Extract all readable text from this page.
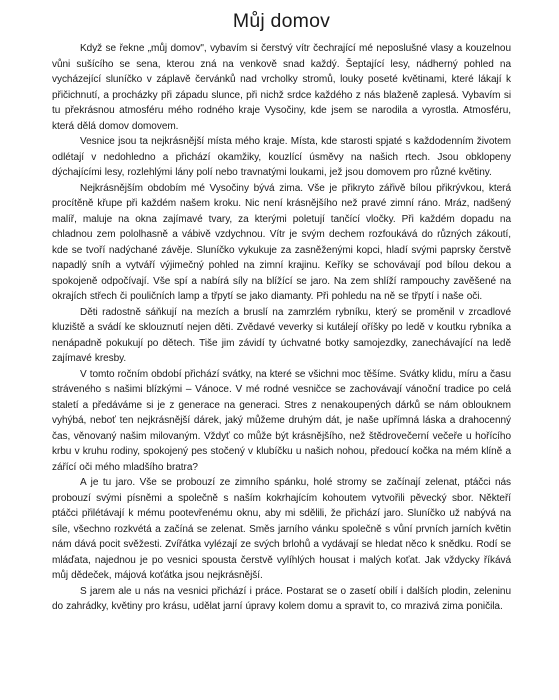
Můj domov

Když se řekne „můj domov", vybavím si čerstvý vítr čechrající mé neposlušné vlasy a kouzelnou vůni sušícího se sena, kterou zná na venkově snad každý. Šeptající lesy, nádherný pohled na vycházející sluníčko v záplavě červánků nad vrcholky stromů, louky poseté květinami, které lákají k přičichnutí, a procházky při západu slunce, při nichž srdce každého z nás blaženě zaplesá. Vybavím si tu překrásnou atmosféru mého rodného kraje Vysočiny, kde jsem se narodila a vyrostla. Atmosféru, která dělá domov domovem.

Vesnice jsou ta nejkrásnější místa mého kraje. Místa, kde starosti spjaté s každodenním životem odlétají v nedohledno a přichází okamžiky, kouzlící úsměvy na našich rtech. Jsou obklopeny dýchajícími lesy, rozlehlými lány polí nebo travnatými loukami, jež jsou domovem pro různé květiny.

Nejkrásnějším obdobím mé Vysočiny bývá zima. Vše je přikryto zářivě bílou přikrývkou, která procítěně křupe při každém našem kroku. Nic není krásnějšího než pravé zimní ráno. Mráz, nadšený malíř, maluje na okna zajímavé tvary, za kterými poletují tančící vločky. Při každém dopadu na chladnou zem pololhasně a vábivě vzdychnou. Vítr je svým dechem rozfoukává do různých zákoutí, kde se tvoří nadýchané závěje. Sluníčko vykukuje za zasněženými kopci, hladí svými paprsky čerstvě napadlý sníh a vytváří výjimečný pohled na zimní krajinu. Keříky se schovávají pod bílou dekou a spokojeně odpočívají. Vše spí a nabírá síly na blížící se jaro. Na zem shlíží rampouchy zavěšené na okrajích střech či pouličních lamp a třpytí se jako diamanty. Při pohledu na ně se třpytí i naše oči.

Děti radostně sáňkují na mezích a bruslí na zamrzlém rybníku, který se proměnil v zrcadlové kluziště a svádí ke sklouznutí nejen děti. Zvědavé veverky si kutálejí oříšky po ledě v koutku rybníka a nenápadně pokukují po dětech. Tiše jim závidí ty úchvatné botky samojezdky, zanechávající na ledě zajímavé kresby.

V tomto ročním období přichází svátky, na které se všichni moc těšíme. Svátky klidu, míru a času stráveného s našimi blízkými – Vánoce. V mé rodné vesničce se zachovávají vánoční tradice po celá staletí a předáváme si je z generace na generaci. Stres z nenakoupených dárků se nám oblouknem vyhýbá, neboť ten nejkrásnější dárek, jaký můžeme druhým dát, je naše upřímná láska a drahocenný čas, věnovaný našim milovaným. Vždyť co může být krásnějšího, než štědrovečerní večeře u hořícího krbu v kruhu rodiny, spokojený pes stočený v klubíčku u našich nohou, předoucí kočka na mém klíně a zářící oči mého mladšího bratra?

A je tu jaro. Vše se probouzí ze zimního spánku, holé stromy se začínají zelenat, ptáčci nás probouzí svými písněmi a společně s naším kokrhajícím kohoutem vytvořili pěvecký sbor. Někteří ptáčci přilétávají k mému pootevřenému oknu, aby mi sdělili, že přichází jaro. Sluníčko už nabývá na síle, všechno rozkvétá a začíná se zelenat. Směs jarního vánku společně s vůní prvních jarních květin nám dává pocit svěžesti. Zvířátka vylézají ze svých brlohů a vydávají se hledat něco k snědku. Rodí se mláďata, najednou je po vesnici spousta čerstvě vylíhlých housat i malých koťat. Jak vždycky říkává můj dědeček, májová koťátka jsou nejkrásnější.

S jarem ale u nás na vesnici přichází i práce. Postarat se o zasetí obilí i dalších plodin, zeleninu do zahrádky, květiny pro krásu, udělat jarní úpravy kolem domu a spravit to, co mrazivá zima poničila.
